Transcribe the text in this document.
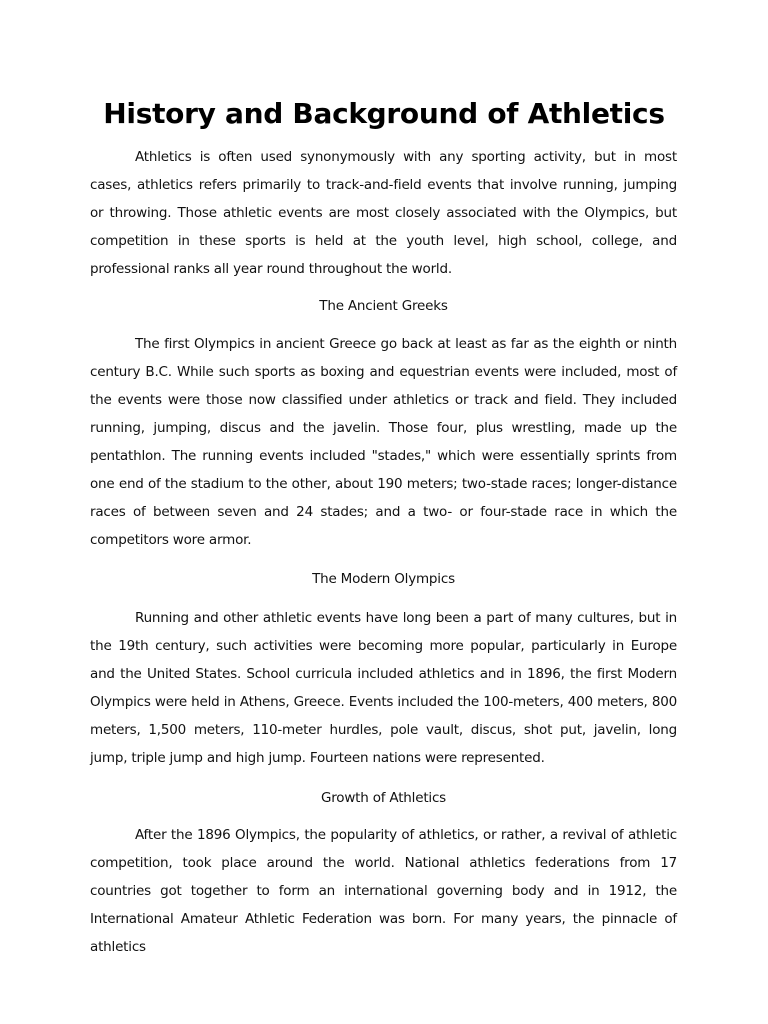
History and Background of Athletics

Athletics is often used synonymously with any sporting activity, but in most cases, athletics refers primarily to track-and-field events that involve running, jumping or throwing. Those athletic events are most closely associated with the Olympics, but competition in these sports is held at the youth level, high school, college, and professional ranks all year round throughout the world.

The Ancient Greeks

The first Olympics in ancient Greece go back at least as far as the eighth or ninth century B.C. While such sports as boxing and equestrian events were included, most of the events were those now classified under athletics or track and field. They included running, jumping, discus and the javelin. Those four, plus wrestling, made up the pentathlon. The running events included "stades," which were essentially sprints from one end of the stadium to the other, about 190 meters; two-stade races; longer-distance races of between seven and 24 stades; and a two- or four-stade race in which the competitors wore armor.

The Modern Olympics

Running and other athletic events have long been a part of many cultures, but in the 19th century, such activities were becoming more popular, particularly in Europe and the United States. School curricula included athletics and in 1896, the first Modern Olympics were held in Athens, Greece. Events included the 100-meters, 400 meters, 800 meters, 1,500 meters, 110-meter hurdles, pole vault, discus, shot put, javelin, long jump, triple jump and high jump. Fourteen nations were represented.

Growth of Athletics

After the 1896 Olympics, the popularity of athletics, or rather, a revival of athletic competition, took place around the world. National athletics federations from 17 countries got together to form an international governing body and in 1912, the International Amateur Athletic Federation was born. For many years, the pinnacle of athletics
